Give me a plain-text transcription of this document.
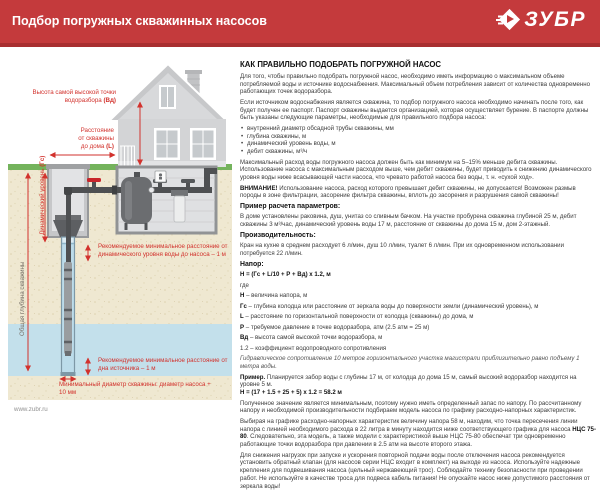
Подбор погружных скважинных насосов	ЗУБР
Высота самой высокой точки
водоразбора (Вд)
Расстояние
от скважины
до дома (L)
Динамический уровень (Гс)
Общая глубина скважины
Рекомендуемое минимальное расстояние от динамического уровня воды до насоса – 1 м
Рекомендуемое минимальное расстояние от дна источника – 1 м
Минимальный диаметр скважины: диаметр насоса + 10 мм
www.zubr.ru
КАК ПРАВИЛЬНО ПОДОБРАТЬ ПОГРУЖНОЙ НАСОС

Для того, чтобы правильно подобрать погружной насос, необходимо иметь информацию о максимальном объеме потребляемой воды и источнике водоснабжения. Максимальный объем потребления зависит от количества одновременно работающих точек водоразбора.

Если источником водоснабжения является скважина, то подбор погружного насоса необходимо начинать после того, как будет получен ее паспорт. Паспорт скважины выдается организацией, которая осуществляет бурение. В паспорте должны быть указаны следующие параметры, необходимые для правильного подбора насоса:

• внутренний диаметр обсадной трубы скважины, мм
• глубина скважины, м
• динамический уровень воды, м
• дебит скважины, м³/ч

Максимальный расход воды погружного насоса должен быть как минимум на 5–15% меньше дебита скважины. Использование насоса с максимальным расходом выше, чем дебит скважины, будет приводить к снижению динамического уровня воды ниже всасывающей части насоса, что чревато работой насоса без воды, т. н. «сухой ход».

ВНИМАНИЕ! Использование насоса, расход которого превышает дебит скважины, не допускается! Возможен размыв породы в зоне фильтрации, засорение фильтра скважины, вплоть до засорения и разрушения самой скважины!

Пример расчета параметров:

В доме установлены раковина, душ, унитаз со сливным бачком. На участке пробурена скважина глубиной 25 м, дебит скважины 3 м³/час, динамический уровень воды 17 м, расстояние от скважины до дома 15 м, дом 2-этажный.

Производительность:

Кран на кухне в среднем расходует 6 л/мин, душ 10 л/мин, туалет 6 л/мин. При их одновременном использовании потребуется 22 л/мин.

Напор:

Н = (Гс + L/10 + Р + Вд) х 1.2, м

где

Н – величина напора, м

Гс – глубина колодца или расстояние от зеркала воды до поверхности земли (динамический уровень), м

L – расстояние по горизонтальной поверхности от колодца (скважины) до дома, м

Р – требуемое давление в точке водоразбора, атм (2.5 атм = 25 м)

Вд – высота самой высокой точки водоразбора, м

1.2 – коэффициент водопроводного сопротивления

Гидравлическое сопротивление 10 метров горизонтального участка магистрали приблизительно равно подъему 1 метра воды.

Пример. Планируется забор воды с глубины 17 м, от колодца до дома 15 м, самый высокий водоразбор находится на уровне 5 м.

Н = (17 + 1.5 + 25 + 5) х 1.2 = 58.2 м

Полученное значение является минимальным, поэтому нужно иметь определенный запас по напору. По рассчитанному напору и необходимой производительности подбираем модель насоса по графику расходно-напорных характеристик.

Выбирая на графике расходно-напорных характеристик величину напора 58 м, находим, что точка пересечения линии напора с линией необходимого расхода в 22 литра в минуту находится ниже соответствующего графика для насоса НЦС 75-80. Следовательно, эта модель, а также модели с характеристикой выше НЦС 75-80 обеспечат три одновременно работающие точки водоразбора при давлении в 2.5 атм на высоте второго этажа.

Для снижения нагрузок при запуске и ускорения повторной подачи воды после отключения насоса рекомендуется установить обратный клапан (для насосов серии НЦС входит в комплект) на выходе из насоса. Используйте надежные крепления для подвешивания насоса (цельный нержавеющий трос). Соблюдайте технику безопасности при проведении работ. Не используйте в качестве троса для подвеса кабель питания! Не опускайте насос ниже допустимого расстояния от зеркала воды!
